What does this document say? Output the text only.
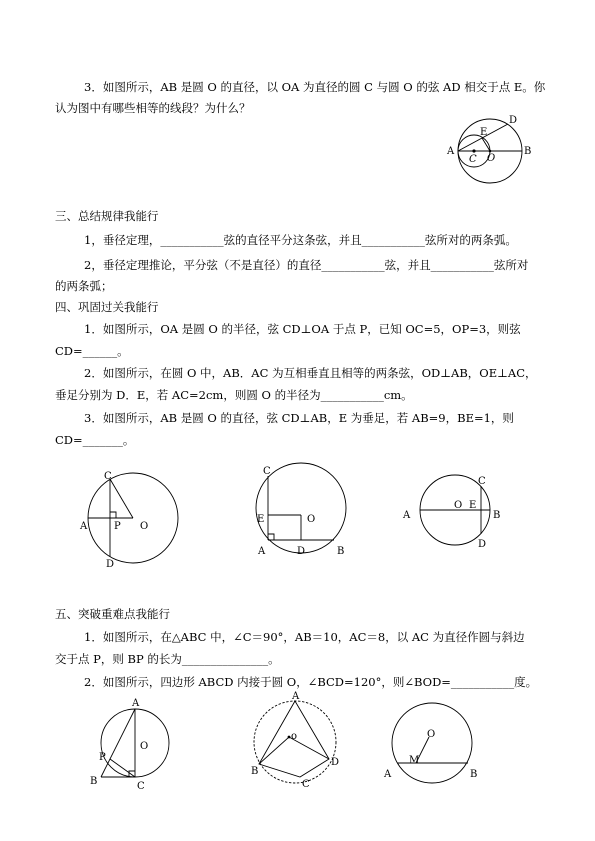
3．如图所示，AB 是圆 O 的直径，以 OA 为直径的圆 C 与圆 O 的弦 AD 相交于点 E。你
认为图中有哪些相等的线段？为什么？
A	B
C O
D
E
三、总结规律我能行
1，垂径定理，___________弦的直径平分这条弦，并且___________弦所对的两条弧。
2，垂径定理推论，平分弦（不是直径）的直径___________弦，并且___________弦所对
的两条弧；
四、巩固过关我能行
1．如图所示，OA 是圆 O 的半径，弦 CD⊥OA 于点 P，已知 OC=5，OP=3，则弦
CD=______。
2．如图所示，在圆 O 中，AB．AC 为互相垂直且相等的两条弦，OD⊥AB，OE⊥AC，
垂足分别为 D．E，若 AC=2cm，则圆 O 的半径为___________cm。
3．如图所示，AB 是圆 O 的直径，弦 CD⊥AB，E 为垂足，若 AB=9，BE=1，则
CD=_______。
C
A	P O
D
C
E	O
A	D	B
A
O E
C
B
D
五、突破重难点我能行
1．如图所示，在△ABC 中，∠C＝90°，AB＝10，AC＝8，以 AC 为直径作圆与斜边
交于点 P，则 BP 的长为_______________。
2．如图所示，四边形 ABCD 内接于圆 O，∠BCD=120°，则∠BOD=___________度。
A
O
P
B	C
A
o
B
D
C
O
M
A	B
